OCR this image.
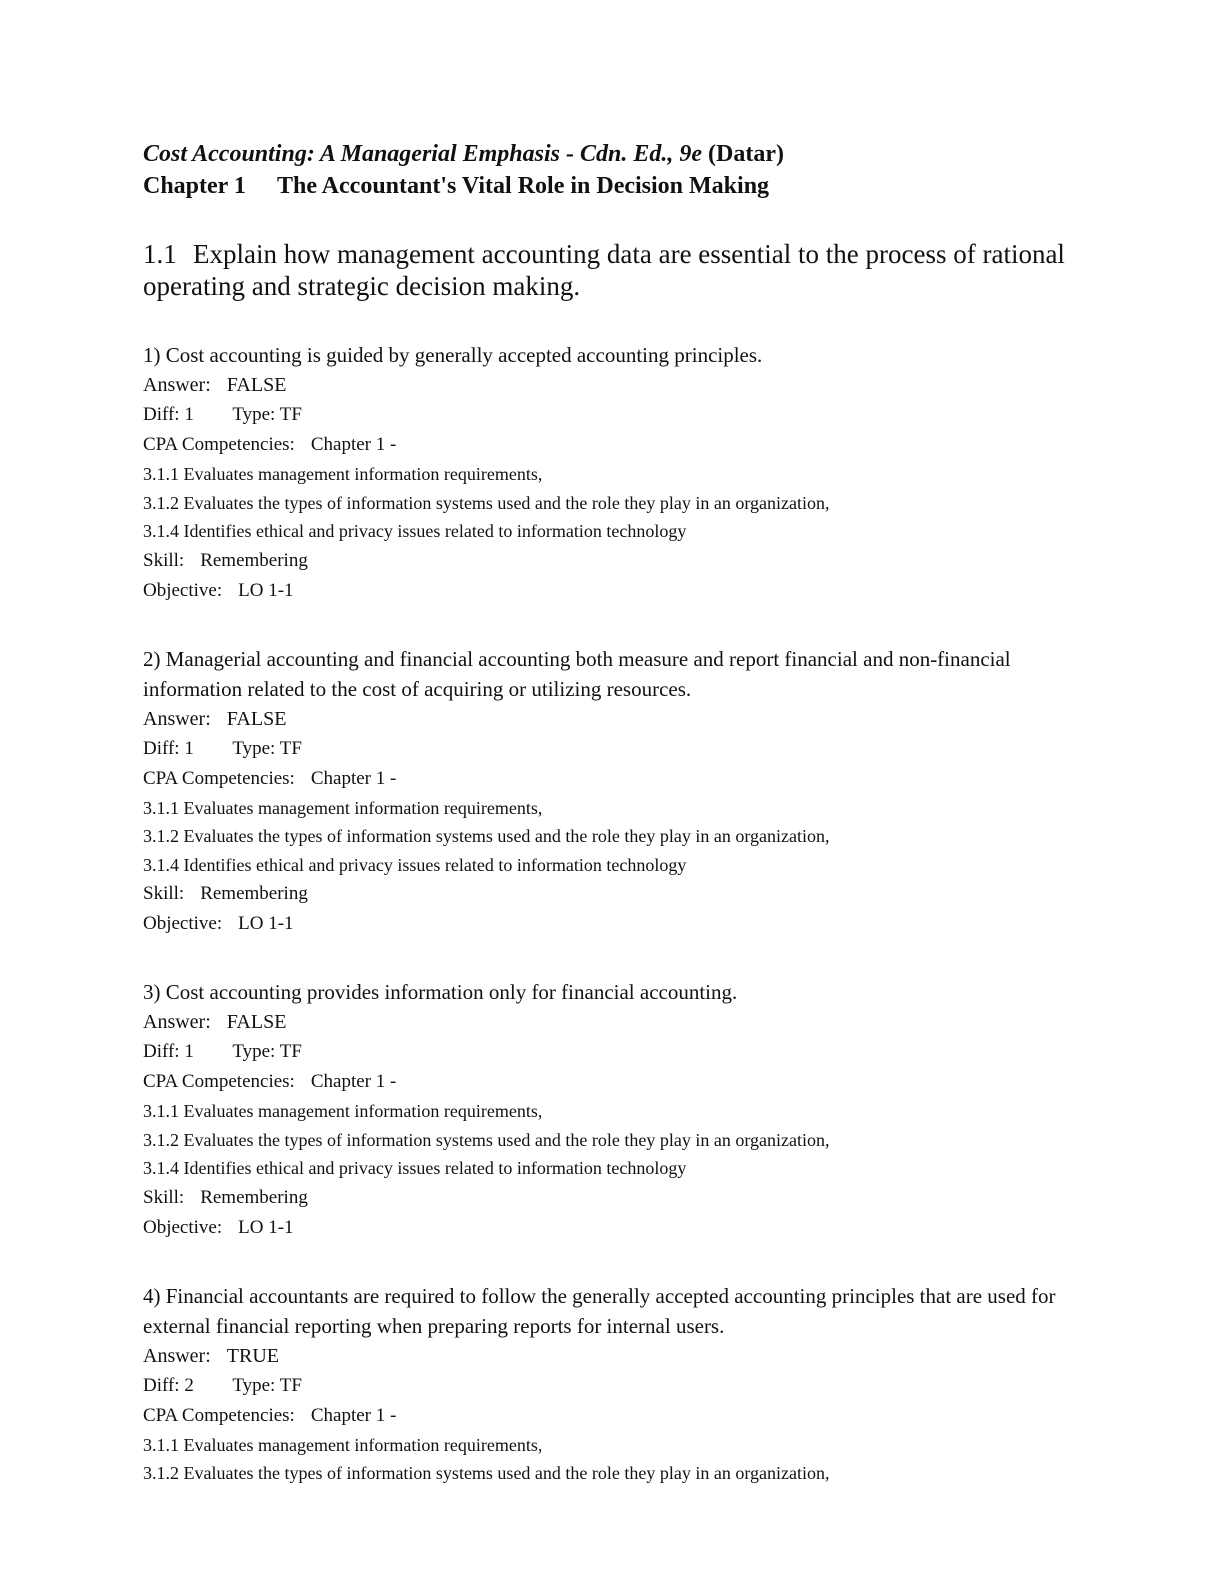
Cost Accounting: A Managerial Emphasis - Cdn. Ed., 9e (Datar)

Chapter 1 The Accountant's Vital Role in Decision Making

1.1 Explain how management accounting data are essential to the process of rational operating and strategic decision making.

1) Cost accounting is guided by generally accepted accounting principles.

Answer: FALSE

Diff: 1 Type: TF

CPA Competencies: Chapter 1 -

3.1.1 Evaluates management information requirements,

3.1.2 Evaluates the types of information systems used and the role they play in an organization,

3.1.4 Identifies ethical and privacy issues related to information technology

Skill: Remembering

Objective: LO 1-1

2) Managerial accounting and financial accounting both measure and report financial and non-financial information related to the cost of acquiring or utilizing resources.

Answer: FALSE

Diff: 1 Type: TF

CPA Competencies: Chapter 1 -

3.1.1 Evaluates management information requirements,

3.1.2 Evaluates the types of information systems used and the role they play in an organization,

3.1.4 Identifies ethical and privacy issues related to information technology

Skill: Remembering

Objective: LO 1-1

3) Cost accounting provides information only for financial accounting.

Answer: FALSE

Diff: 1 Type: TF

CPA Competencies: Chapter 1 -

3.1.1 Evaluates management information requirements,

3.1.2 Evaluates the types of information systems used and the role they play in an organization,

3.1.4 Identifies ethical and privacy issues related to information technology

Skill: Remembering

Objective: LO 1-1

4) Financial accountants are required to follow the generally accepted accounting principles that are used for external financial reporting when preparing reports for internal users.

Answer: TRUE

Diff: 2 Type: TF

CPA Competencies: Chapter 1 -

3.1.1 Evaluates management information requirements,

3.1.2 Evaluates the types of information systems used and the role they play in an organization,
